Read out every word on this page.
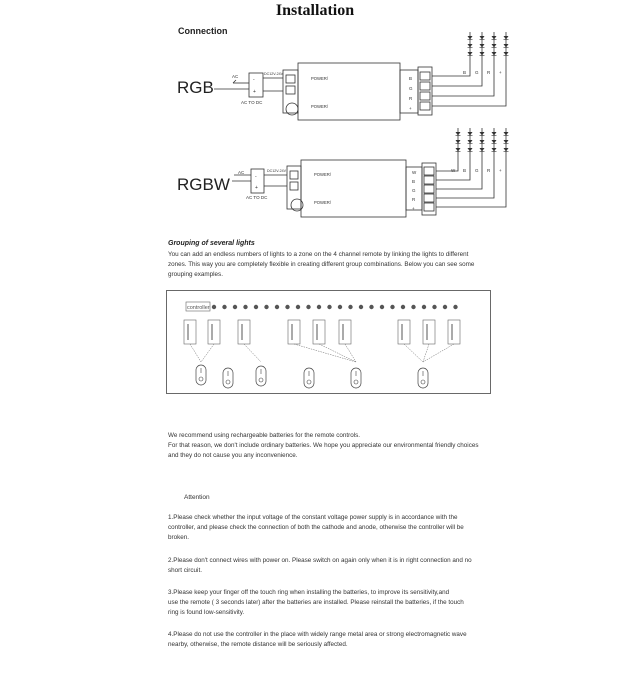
Installation
Connection
RGB
RGBW
AC	DC12V-24V
-
+
AC TO DC
POWER/
POWER/
B
G
R
+
B G R +
AC	DC12V-24V
-
+
AC TO DC
POWER/
POWER/
W
B
G
R
+
W B G R +
Grouping of several lights
You can add an endless numbers of lights to a zone on the 4 channel remote by linking the lights to different
zones. This way you are completely flexible in creating different group combinations. Below you can see some
grouping examples.
controller
We recommend using rechargeable batteries for the remote controls.
For that reason, we don't include ordinary batteries. We hope you appreciate our environmental friendly choices
and they do not cause you any inconvenience.
Attention
1.Please check whether the input voltage of the constant voltage power supply is in accordance with the
controller, and please check the connection of both the cathode and anode, otherwise the controller will be
broken.
2.Please don't connect wires with power on. Please switch on again only when it is in right connection and no
short circuit.
3.Please keep your finger off the touch ring when installing the batteries, to improve its sensitivity,and
use the remote ( 3 seconds later) after the batteries are installed. Please reinstall the batteries, if the touch
ring is found low-sensitivity.
4.Please do not use the controller in the place with widely range metal area or strong electromagnetic wave
nearby, otherwise, the remote distance will be seriously affected.
